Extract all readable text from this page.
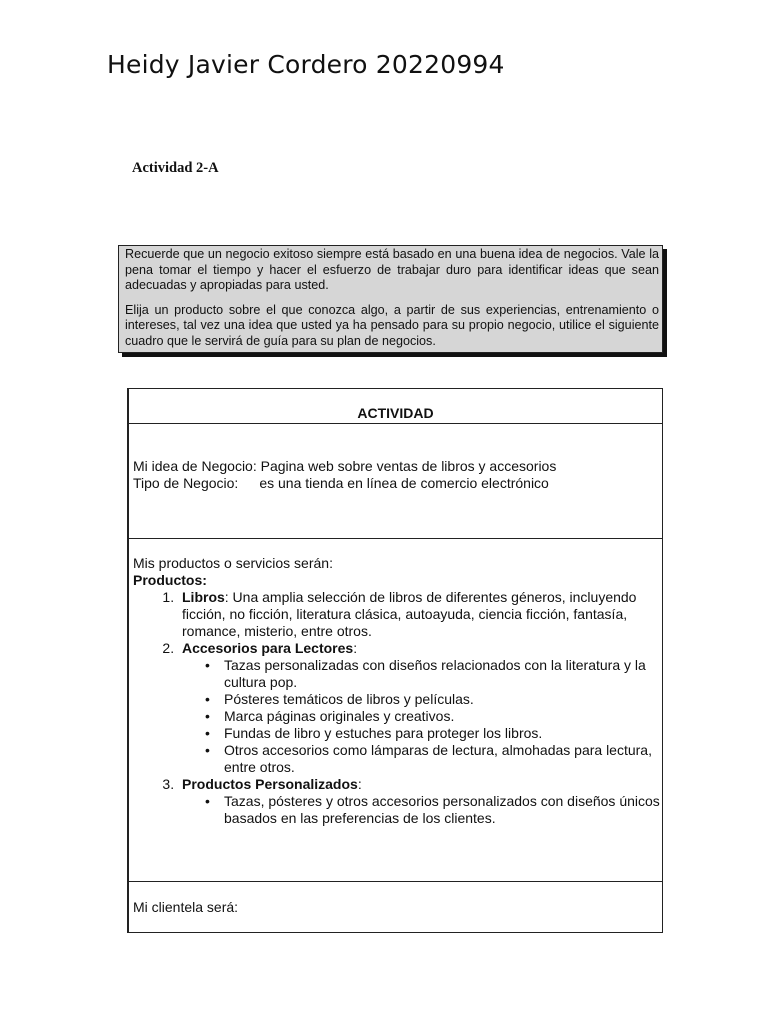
Heidy Javier Cordero 20220994
Actividad 2-A

Recuerde que un negocio exitoso siempre está basado en una buena idea de negocios. Vale la pena tomar el tiempo y hacer el esfuerzo de trabajar duro para identificar ideas que sean adecuadas y apropiadas para usted.

Elija un producto sobre el que conozca algo, a partir de sus experiencias, entrenamiento o intereses, tal vez una idea que usted ya ha pensado para su propio negocio, utilice el siguiente cuadro que le servirá de guía para su plan de negocios.

ACTIVIDAD
Mi idea de Negocio: Pagina web sobre ventas de libros y accesorios
Tipo de Negocio: es una tienda en línea de comercio electrónico
Mis productos o servicios serán:
Productos:
1. Libros: Una amplia selección de libros de diferentes géneros, incluyendo ficción, no ficción, literatura clásica, autoayuda, ciencia ficción, fantasía, romance, misterio, entre otros.
2. Accesorios para Lectores:
• Tazas personalizadas con diseños relacionados con la literatura y la cultura pop.
• Pósteres temáticos de libros y películas.
• Marca páginas originales y creativos.
• Fundas de libro y estuches para proteger los libros.
• Otros accesorios como lámparas de lectura, almohadas para lectura, entre otros.
3. Productos Personalizados:
• Tazas, pósteres y otros accesorios personalizados con diseños únicos basados en las preferencias de los clientes.
Mi clientela será:
